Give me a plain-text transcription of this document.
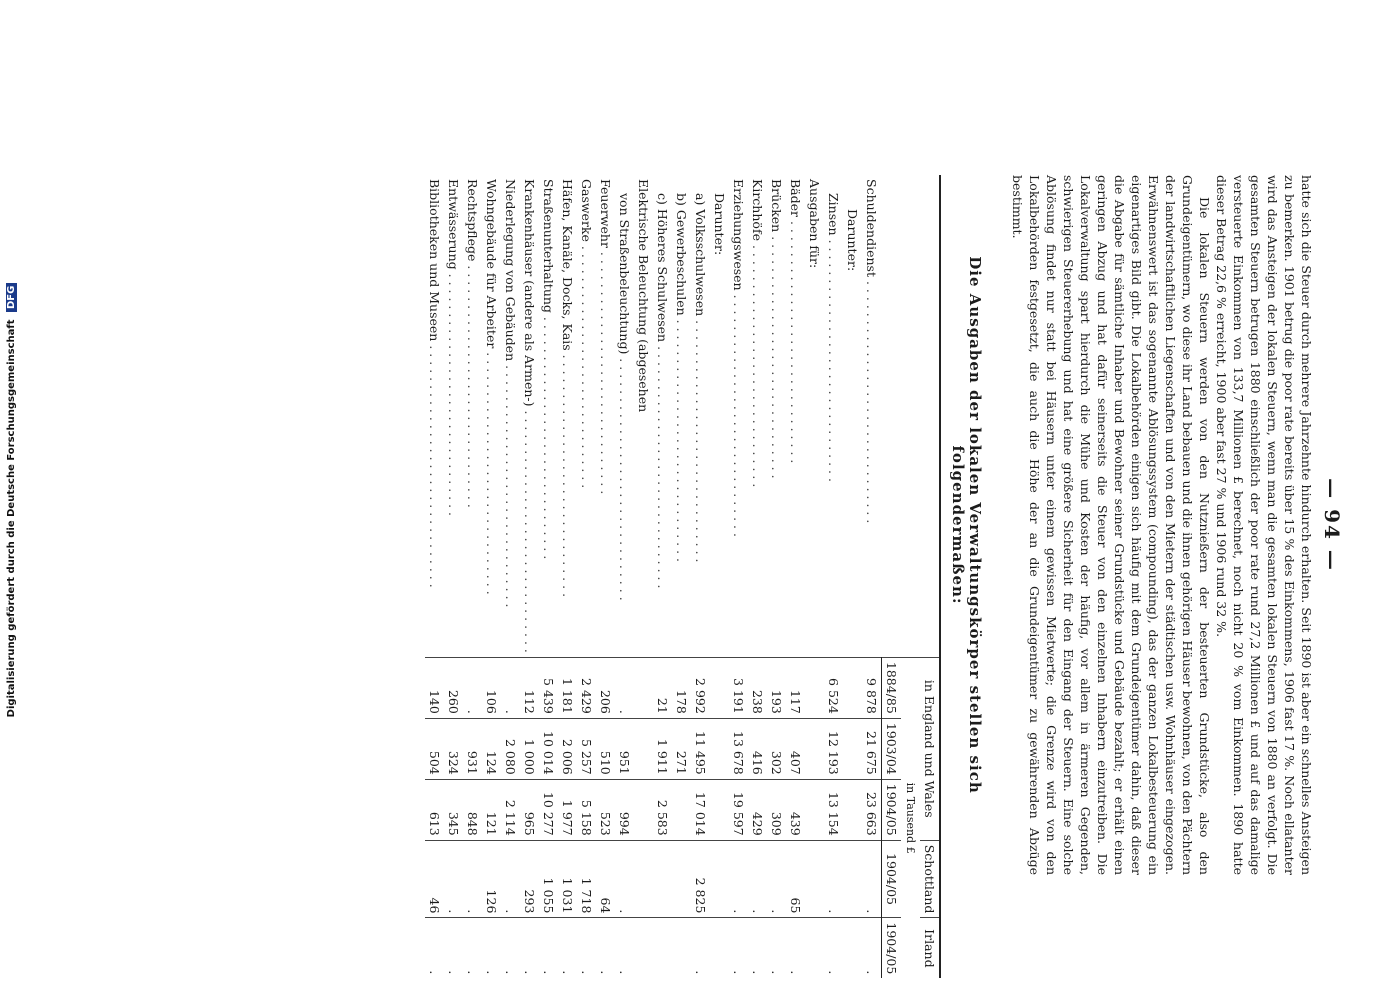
Digitalisierung gefördert durch die Deutsche Forschungsgemeinschaft DFG
— 94 —

hatte sich die Steuer durch mehrere Jahrzehnte hindurch erhalten. Seit 1890 ist aber ein schnelles Ansteigen zu bemerken. 1901 betrug die poor rate bereits über 15 % des Einkommens, 1906 fast 17 %. Noch ellatanter wird das Ansteigen der lokalen Steuern, wenn man die gesamten lokalen Steuern von 1880 an verfolgt. Die gesamten Steuern betrugen 1880 einschließlich der poor rate rund 27,2 Millionen £ und auf das damalige versteuerte Einkommen von 133,7 Millionen £ berechnet, noch nicht 20 % vom Einkommen. 1890 hatte dieser Betrag 22,6 % erreicht, 1900 aber fast 27 % und 1906 rund 32 %.

Die lokalen Steuern werden von den Nutznießern der besteuerten Grundstücke, also den Grundeigentümern, wo diese ihr Land bebauen und die ihnen gehörigen Häuser bewohnen, von den Pächtern der landwirtschaftlichen Liegenschaften und von den Mietern der städtischen usw. Wohnhäuser eingezogen. Erwähnenswert ist das sogenannte Ablösungssystem (compounding), das der ganzen Lokalbesteuerung ein eigenartiges Bild gibt. Die Lokalbehörden einigen sich häufig mit dem Grundeigentümer dahin, daß dieser die Abgabe für sämtliche Inhaber und Bewohner seiner Grundstücke und Gebäude bezahlt; er erhält einen geringen Abzug und hat dafür seinerseits die Steuer von den einzelnen Inhabern einzutreiben. Die Lokalverwaltung spart hierdurch die Mühe und Kosten der häufig, vor allem in ärmeren Gegenden, schwierigen Steuererhebung und hat eine größere Sicherheit für den Eingang der Steuern. Eine solche Ablösung findet nur statt bei Häusern unter einem gewissen Mietwerte; die Grenze wird von den Lokalbehörden festgesetzt, die auch die Höhe der an die Grundeigentümer zu gewährenden Abzüge bestimmt.

Die Ausgaben der lokalen Verwaltungskörper stellen sich folgendermaßen:
	in England und Wales			Schottland	Irland
	in Tausend £				
	1884/85	1903/04	1904/05	1904/05	1904/05
Schuldendienst . . .	9 878	21 675	23 663	.	.
Darunter:					
Zinsen . . .	6 524	12 193	13 154	.	.
Ausgaben für:					
Bäder . . .	117	407	439	65	.
Brücken . . .	193	302	309	.	.
Kirchhöfe . . .	238	416	429	.	.
Erziehungswesen . . .	3 191	13 678	19 597	.	.
Darunter:					
a) Volksschulwesen . . .	2 992	11 495	17 014	2 825	.
b) Gewerbeschulen . . .	178	271			
c) Höheres Schulwesen . . .	21	1 911	2 583		
Elektrische Beleuchtung (abgesehen					
von Straßenbeleuchtung) . . .	.	951	994	.	.
Feuerwehr . . .	206	510	523	64	.
Gaswerke . . .	2 429	5 257	5 158	1 718	.
Häfen, Kanäle, Docks, Kais . . .	1 181	2 006	1 977	1 031	.
Straßenunterhaltung . . .	5 439	10 014	10 277	1 055	.
Krankenhäuser (andere als Armen-) . . .	112	1 000	965	293	.
Niederlegung von Gebäuden . . .	.	2 080	2 114	.	.
Wohngebäude für Arbeiter . . .	106	124	121	126	.
Rechtspflege . . .	.	931	848	.	.
Entwässerung . . .	260	324	345	.	.
Bibliotheken und Museen . . .	140	504	613	46	.
